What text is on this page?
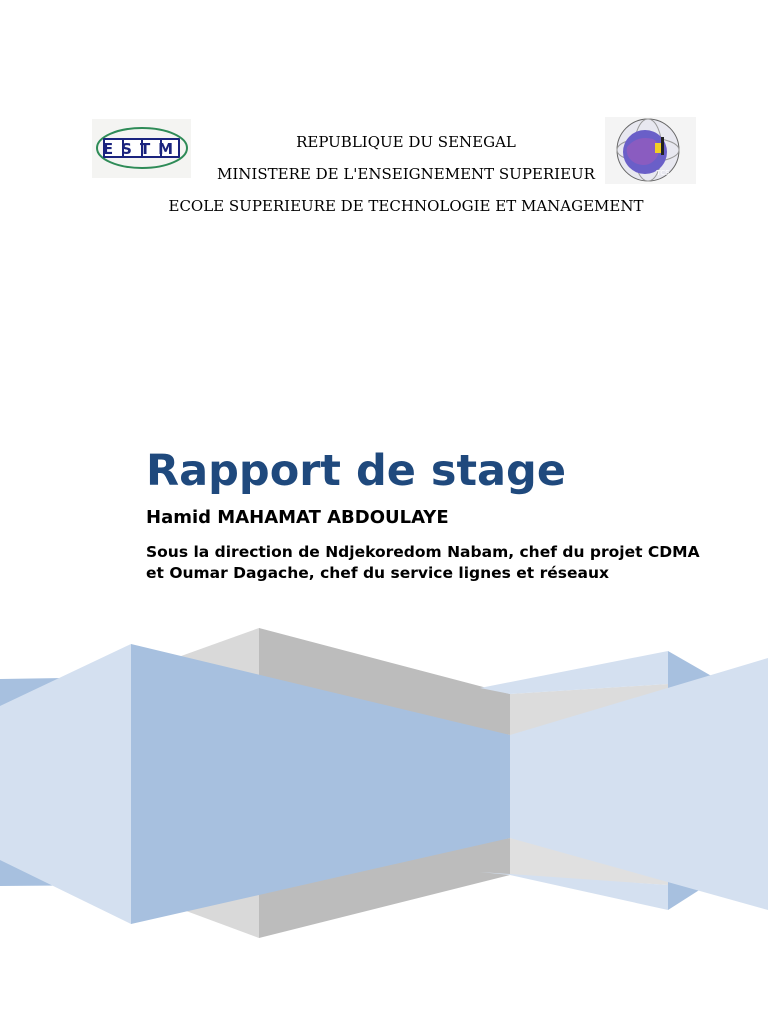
ESTM
TCS
REPUBLIQUE DU SENEGAL
MINISTERE DE L'ENSEIGNEMENT SUPERIEUR
ECOLE SUPERIEURE DE TECHNOLOGIE ET MANAGEMENT
Rapport de stage
Hamid MAHAMAT ABDOULAYE
Sous la direction de Ndjekoredom Nabam, chef du projet CDMA
et Oumar Dagache, chef du service lignes et réseaux
